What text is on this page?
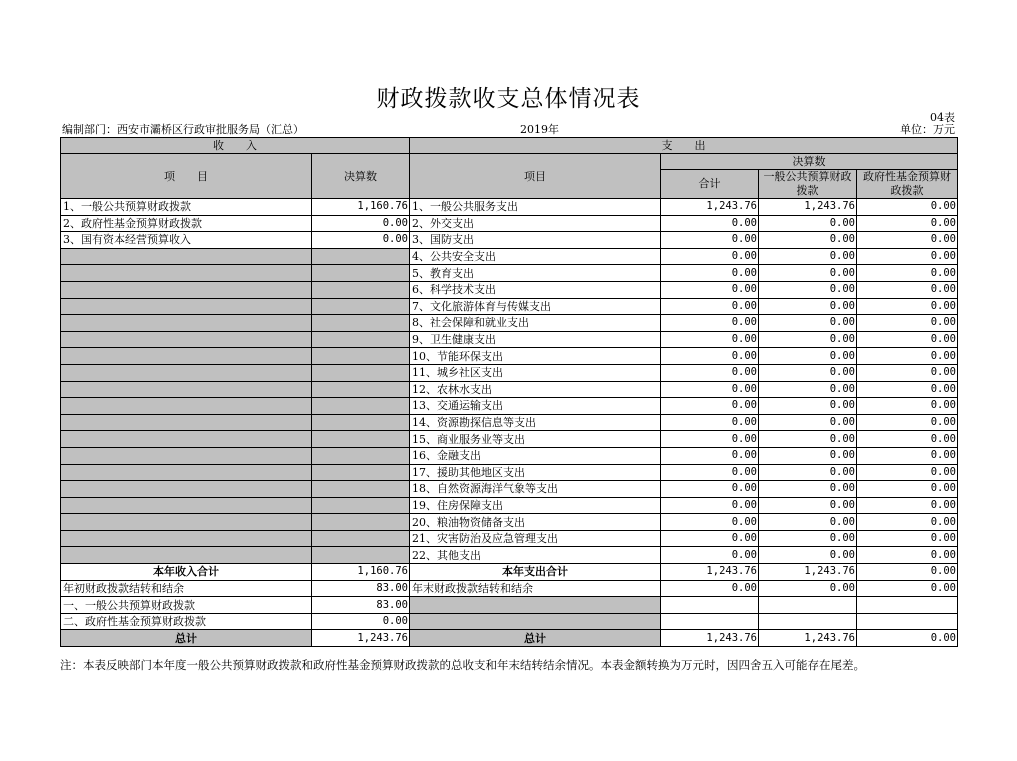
财政拨款收支总体情况表
04表
编制部门：西安市灞桥区行政审批服务局（汇总）	2019年	单位：万元
收　　入		支　　出			
项　　目	决算数	项目	决算数		
			合计	一般公共预算财政拨款	政府性基金预算财政拨款
1、一般公共预算财政拨款	1,160.76	1、一般公共服务支出	1,243.76	1,243.76	0.00
2、政府性基金预算财政拨款	0.00	2、外交支出	0.00	0.00	0.00
3、国有资本经营预算收入	0.00	3、国防支出	0.00	0.00	0.00
		4、公共安全支出	0.00	0.00	0.00
		5、教育支出	0.00	0.00	0.00
		6、科学技术支出	0.00	0.00	0.00
		7、文化旅游体育与传媒支出	0.00	0.00	0.00
		8、社会保障和就业支出	0.00	0.00	0.00
		9、卫生健康支出	0.00	0.00	0.00
		10、节能环保支出	0.00	0.00	0.00
		11、城乡社区支出	0.00	0.00	0.00
		12、农林水支出	0.00	0.00	0.00
		13、交通运输支出	0.00	0.00	0.00
		14、资源勘探信息等支出	0.00	0.00	0.00
		15、商业服务业等支出	0.00	0.00	0.00
		16、金融支出	0.00	0.00	0.00
		17、援助其他地区支出	0.00	0.00	0.00
		18、自然资源海洋气象等支出	0.00	0.00	0.00
		19、住房保障支出	0.00	0.00	0.00
		20、粮油物资储备支出	0.00	0.00	0.00
		21、灾害防治及应急管理支出	0.00	0.00	0.00
		22、其他支出	0.00	0.00	0.00
本年收入合计	1,160.76	本年支出合计	1,243.76	1,243.76	0.00
年初财政拨款结转和结余	83.00	年末财政拨款结转和结余	0.00	0.00	0.00
一、一般公共预算财政拨款	83.00				
二、政府性基金预算财政拨款	0.00				
总计	1,243.76	总计	1,243.76	1,243.76	0.00
注：本表反映部门本年度一般公共预算财政拨款和政府性基金预算财政拨款的总收支和年末结转结余情况。本表金额转换为万元时，因四舍五入可能存在尾差。
